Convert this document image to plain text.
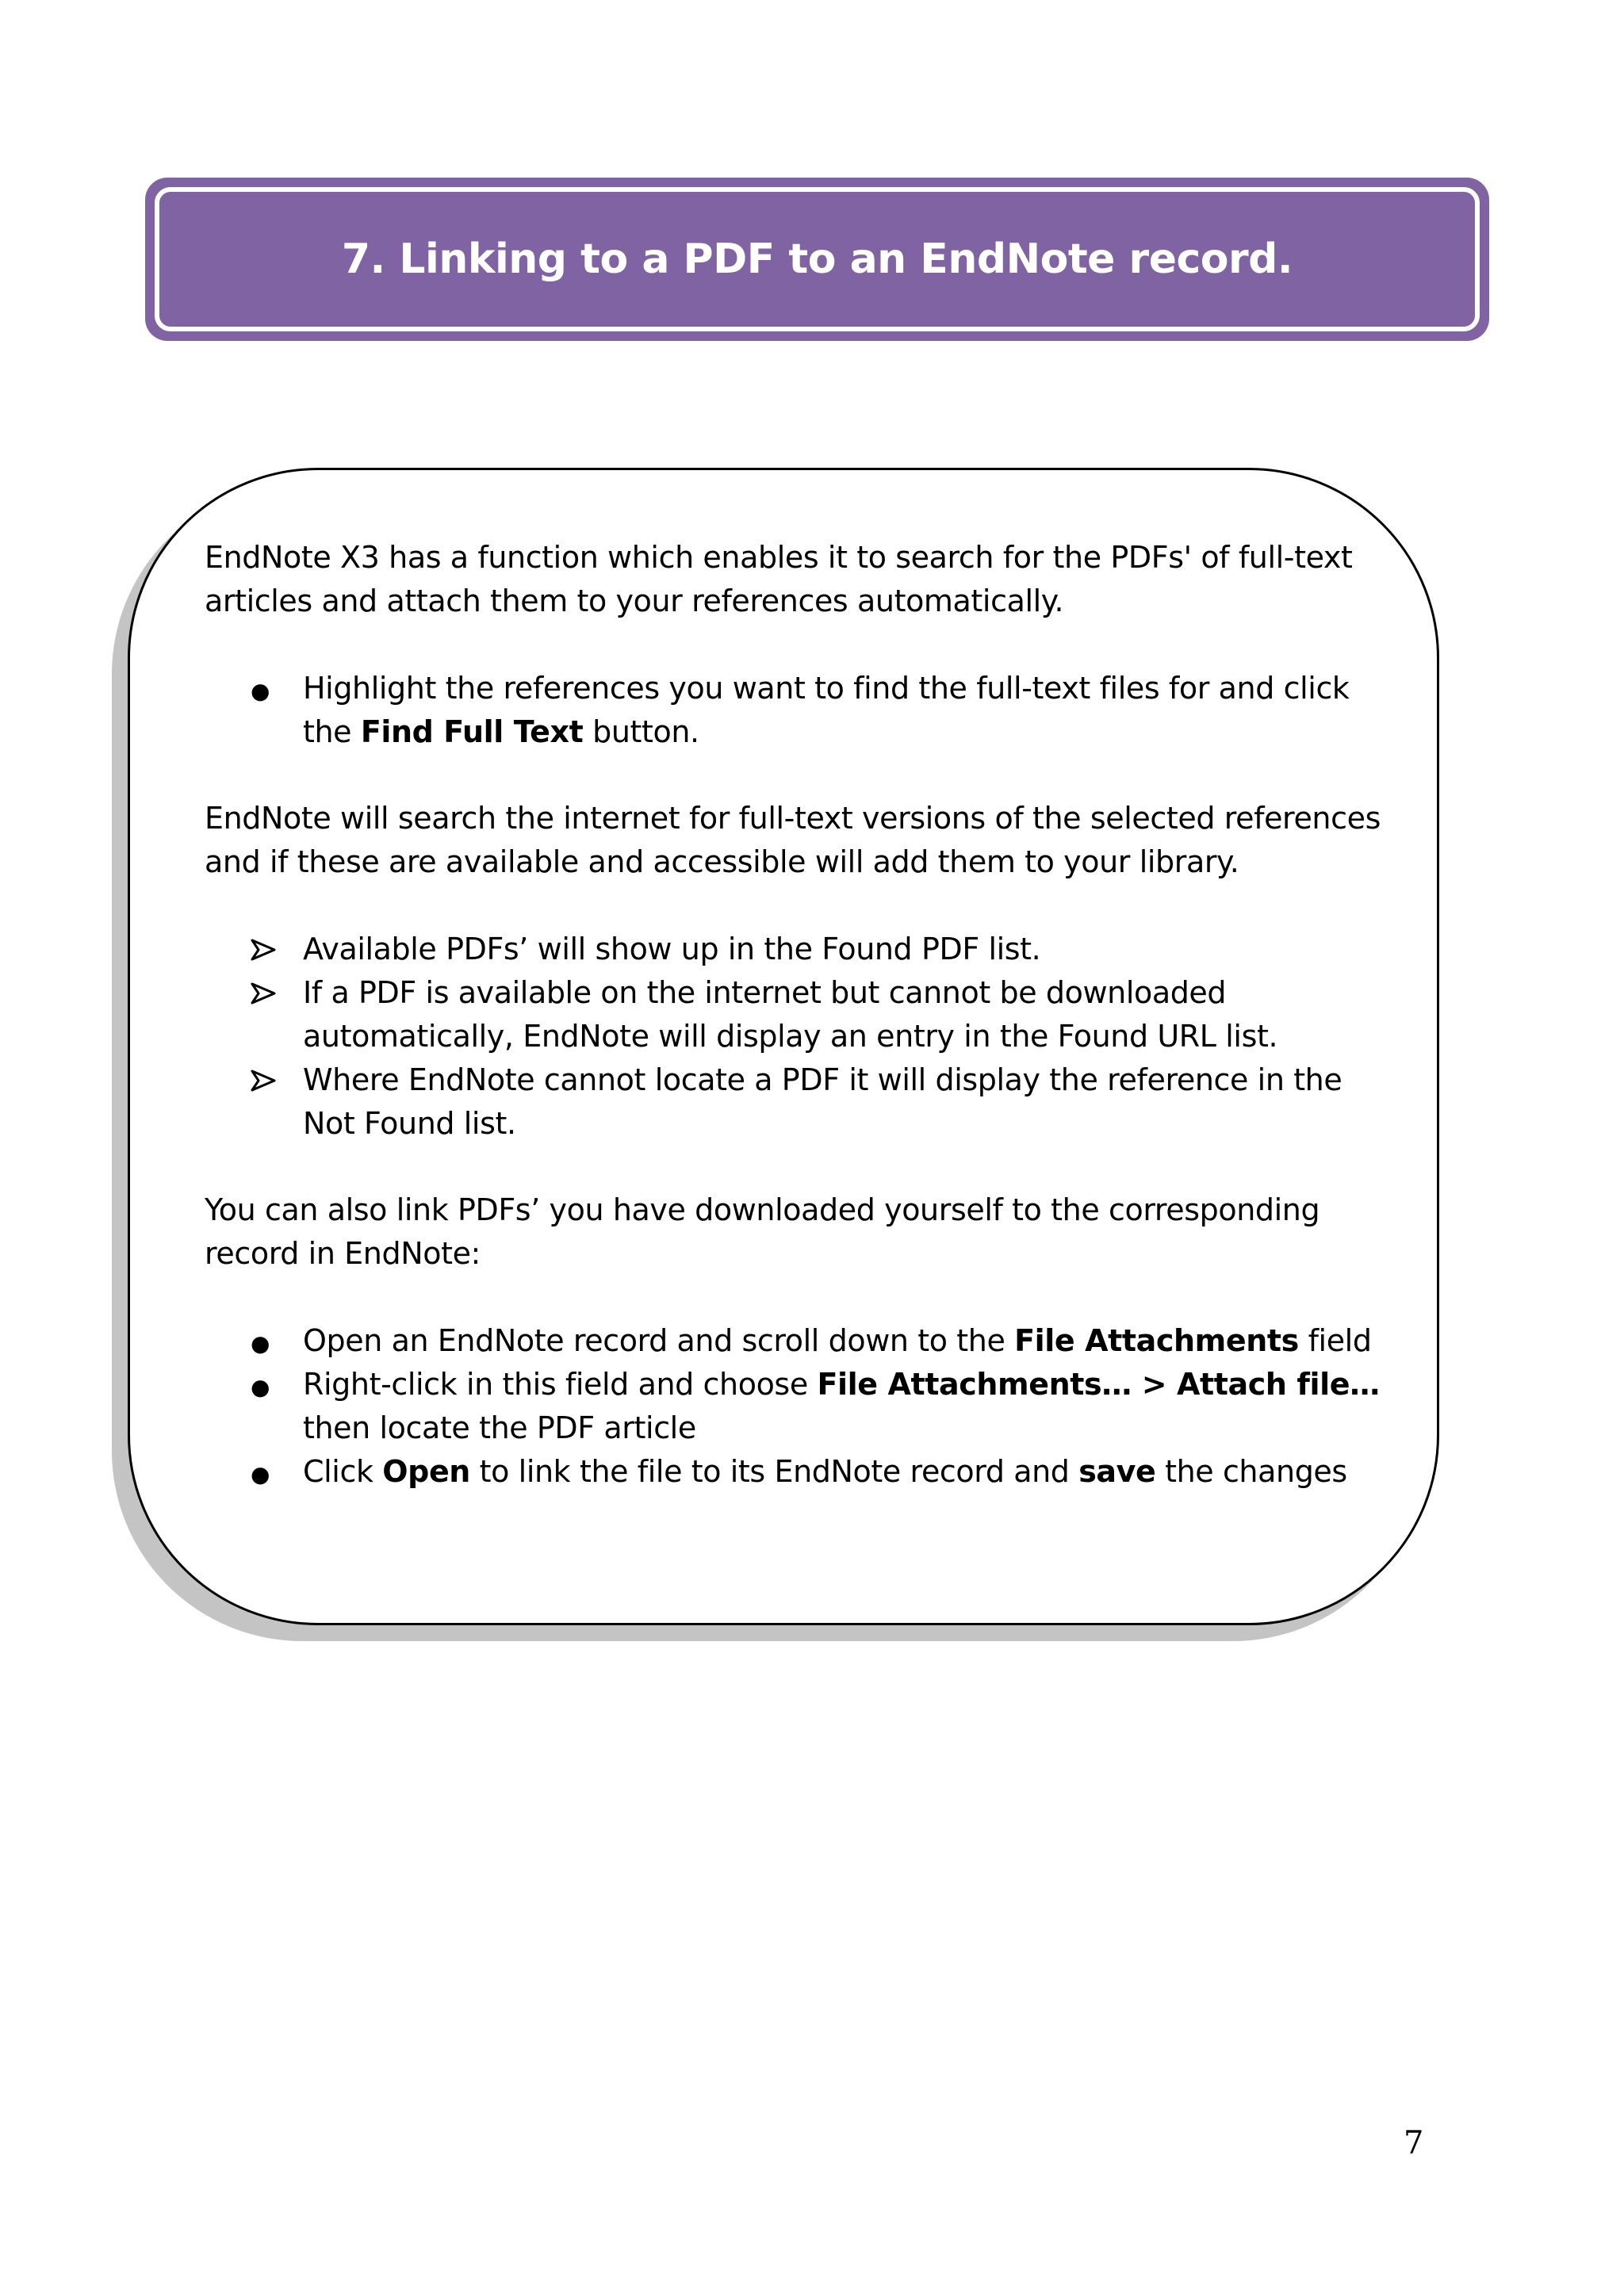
7. Linking to a PDF to an EndNote record.

EndNote X3 has a function which enables it to search for the PDFs' of full-text articles and attach them to your references automatically.

●
Highlight the references you want to find the full-text files for and click the Find Full Text button.

EndNote will search the internet for full-text versions of the selected references and if these are available and accessible will add them to your library.

Available PDFs’ will show up in the Found PDF list.
If a PDF is available on the internet but cannot be downloaded automatically, EndNote will display an entry in the Found URL list.
Where EndNote cannot locate a PDF it will display the reference in the Not Found list.

You can also link PDFs’ you have downloaded yourself to the corresponding record in EndNote:

●
Open an EndNote record and scroll down to the File Attachments field
●
Right-click in this field and choose File Attachments… > Attach file… then locate the PDF article
●
Click Open to link the file to its EndNote record and save the changes
7
